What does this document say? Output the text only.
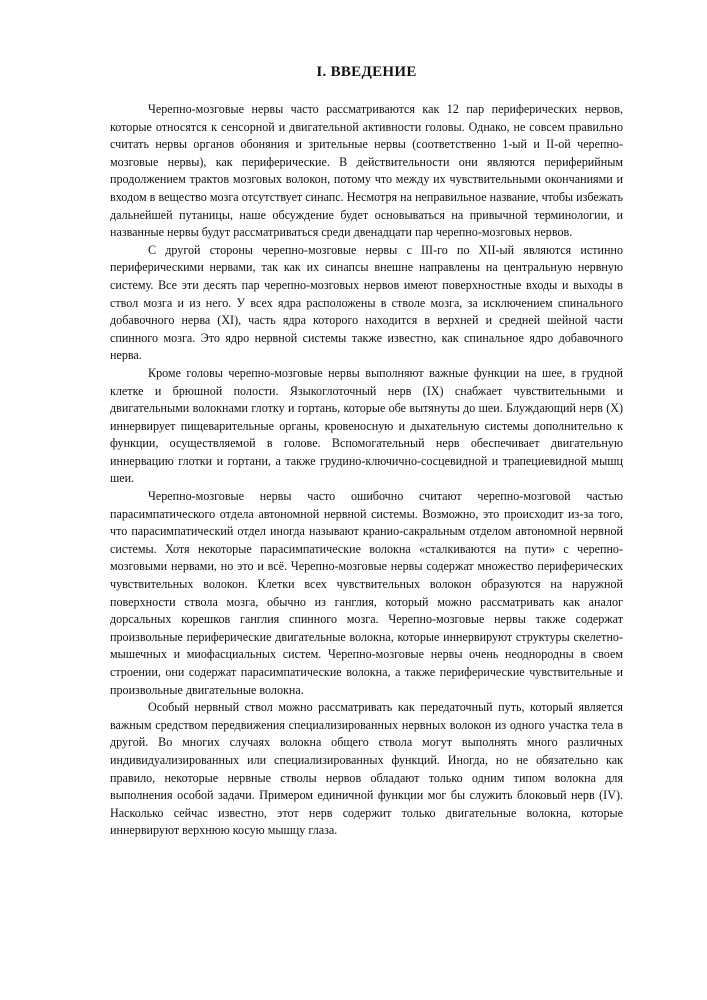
I. ВВЕДЕНИЕ

Черепно-мозговые нервы часто рассматриваются как 12 пар периферических нервов, которые относятся к сенсорной и двигательной активности головы. Однако, не совсем правильно считать нервы органов обоняния и зрительные нервы (соответственно 1-ый и II-ой черепно-мозговые нервы), как периферические. В действительности они являются периферийным продолжением трактов мозговых волокон, потому что между их чувствительными окончаниями и входом в вещество мозга отсутствует синапс. Несмотря на неправильное название, чтобы избежать дальнейшей путаницы, наше обсуждение будет основываться на привычной терминологии, и названные нервы будут рассматриваться среди двенадцати пар черепно-мозговых нервов.

С другой стороны черепно-мозговые нервы с III-го по XII-ый являются истинно периферическими нервами, так как их синапсы внешне направлены на центральную нервную систему. Все эти десять пар черепно-мозговых нервов имеют поверхностные входы и выходы в ствол мозга и из него. У всех ядра расположены в стволе мозга, за исключением спинального добавочного нерва (XI), часть ядра которого находится в верхней и средней шейной части спинного мозга. Это ядро нервной системы также известно, как спинальное ядро добавочного нерва.

Кроме головы черепно-мозговые нервы выполняют важные функции на шее, в грудной клетке и брюшной полости. Языкоглоточный нерв (IX) снабжает чувствительными и двигательными волокнами глотку и гортань, которые обе вытянуты до шеи. Блуждающий нерв (X) иннервирует пищеварительные органы, кровеносную и дыхательную системы дополнительно к функции, осуществляемой в голове. Вспомогательный нерв обеспечивает двигательную иннервацию глотки и гортани, а также грудино-ключично-сосцевидной и трапециевидной мышц шеи.

Черепно-мозговые нервы часто ошибочно считают черепно-мозговой частью парасимпатического отдела автономной нервной системы. Возможно, это происходит из-за того, что парасимпатический отдел иногда называют кранио-сакральным отделом автономной нервной системы. Хотя некоторые парасимпатические волокна «сталкиваются на пути» с черепно-мозговыми нервами, но это и всё. Черепно-мозговые нервы содержат множество периферических чувствительных волокон. Клетки всех чувствительных волокон образуются на наружной поверхности ствола мозга, обычно из ганглия, который можно рассматривать как аналог дорсальных корешков ганглия спинного мозга. Черепно-мозговые нервы также содержат произвольные периферические двигательные волокна, которые иннервируют структуры скелетно-мышечных и миофасциальных систем. Черепно-мозговые нервы очень неоднородны в своем строении, они содержат парасимпатические волокна, а также периферические чувствительные и произвольные двигательные волокна.

Особый нервный ствол можно рассматривать как передаточный путь, который является важным средством передвижения специализированных нервных волокон из одного участка тела в другой. Во многих случаях волокна общего ствола могут выполнять много различных индивидуализированных или специализированных функций. Иногда, но не обязательно как правило, некоторые нервные стволы нервов обладают только одним типом волокна для выполнения особой задачи. Примером единичной функции мог бы служить блоковый нерв (IV). Насколько сейчас известно, этот нерв содержит только двигательные волокна, которые иннервируют верхнюю косую мышцу глаза.
